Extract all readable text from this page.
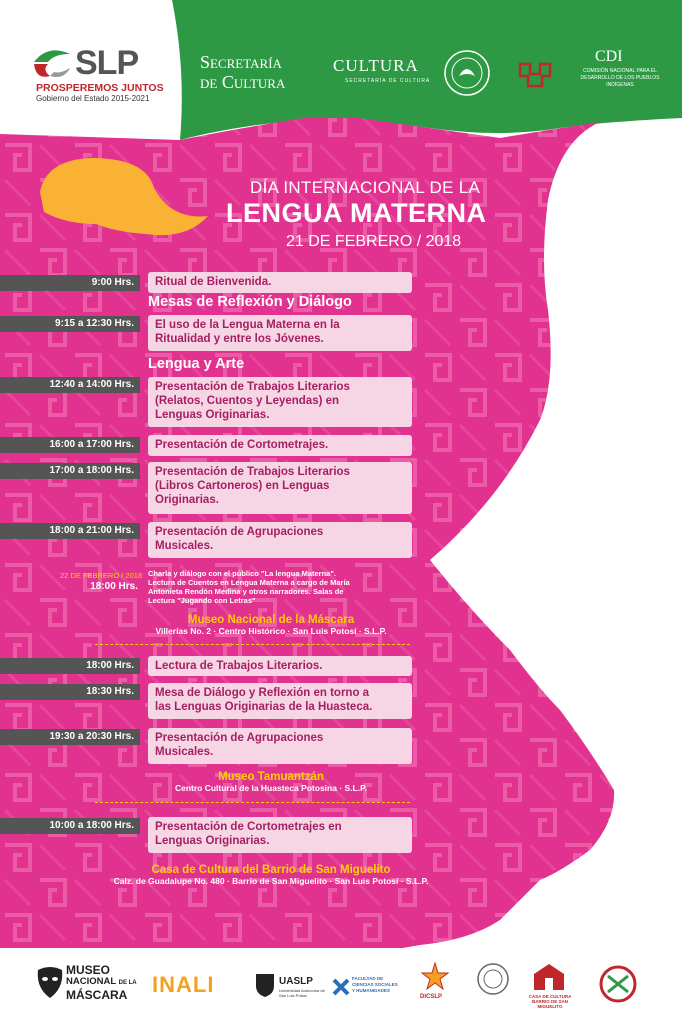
SLP
PROSPEREMOS JUNTOS
Gobierno del Estado 2015-2021
Secretaría
de Cultura
CULTURA
SECRETARÍA DE CULTURA
CDI
COMISIÓN NACIONAL PARA EL DESARROLLO DE LOS PUEBLOS INDÍGENAS
DÍA INTERNACIONAL DE LA
LENGUA MATERNA
21 DE FEBRERO / 2018
9:00 Hrs.	Ritual de Bienvenida.
Mesas de Reflexión y Diálogo
9:15 a 12:30 Hrs.	El uso de la Lengua Materna en la
Ritualidad y entre los Jóvenes.
Lengua y Arte
12:40 a 14:00 Hrs.	Presentación de Trabajos Literarios
(Relatos, Cuentos y Leyendas) en
Lenguas Originarias.
16:00 a 17:00 Hrs.	Presentación de Cortometrajes.
17:00 a 18:00 Hrs.	Presentación de Trabajos Literarios
(Libros Cartoneros) en Lenguas
Originarias.
18:00 a 21:00 Hrs.	Presentación de Agrupaciones
Musicales.
22 DE FEBRERO / 2018
18:00 Hrs.
Charla y diálogo con el público "La lengua Materna".
Lectura de Cuentos en Lengua Materna a cargo de María
Antonieta Rendón Medina y otros narradores. Salas de
Lectura "Jugando con Letras"
Museo Nacional de la Máscara
Villerías No. 2 · Centro Histórico · San Luis Potosí · S.L.P.
18:00 Hrs.	Lectura de Trabajos Literarios.
18:30 Hrs.	Mesa de Diálogo y Reflexión en torno a
las Lenguas Originarias de la Huasteca.
19:30 a 20:30 Hrs.	Presentación de Agrupaciones
Musicales.
Museo Tamuantzán
Centro Cultural de la Huasteca Potosina · S.L.P.
10:00 a 18:00 Hrs.	Presentación de Cortometrajes en
Lenguas Originarias.
Casa de Cultura del Barrio de San Miguelito
Calz. de Guadalupe No. 480 · Barrio de San Miguelito · San Luis Potosí · S.L.P.
MUSEO
NACIONAL DE LA
MÁSCARA	INALI	UASLP
Universidad Autónoma de San Luis Potosí
FACULTAD DE
CIENCIAS SOCIALES
Y HUMANIDADES
DICSLP	CASA DE CULTURA
BARRIO DE SAN MIGUELITO
